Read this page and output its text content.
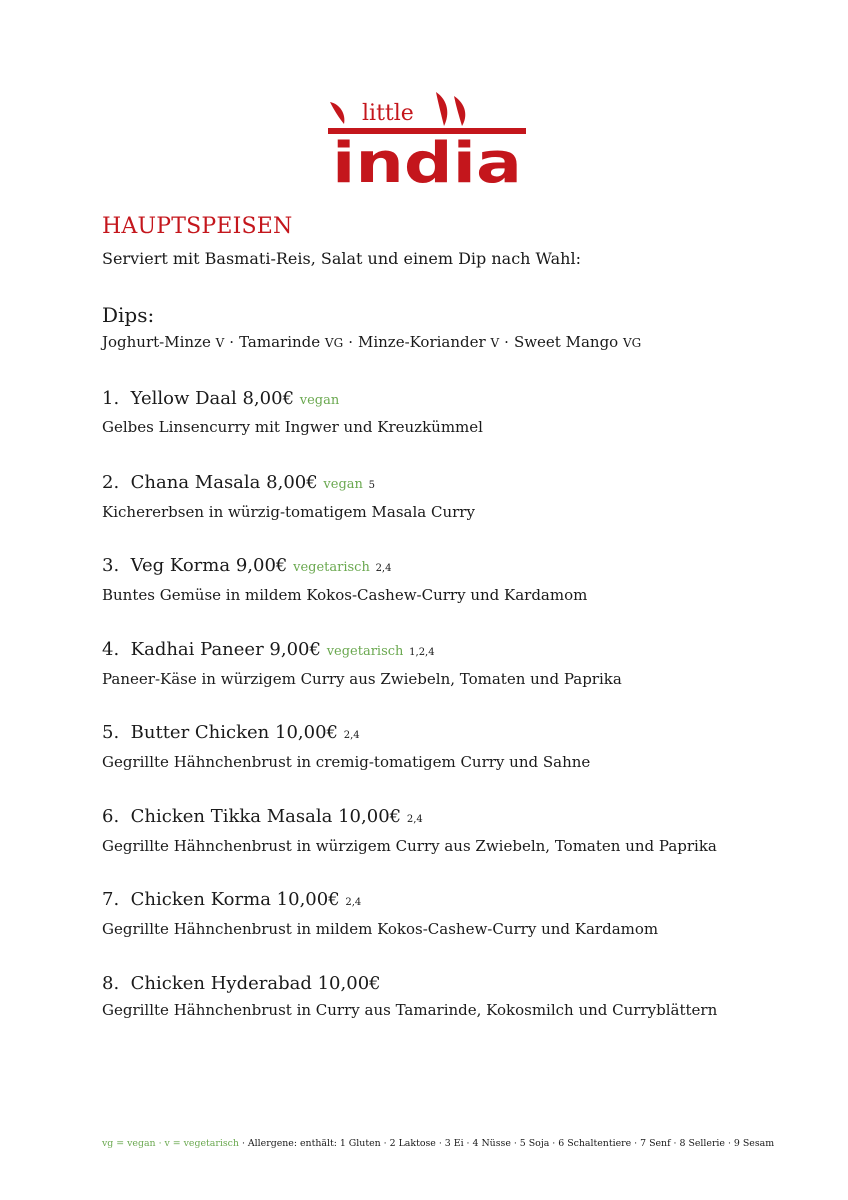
little
india
HAUPTSPEISEN
Serviert mit Basmati-Reis, Salat und einem Dip nach Wahl:
Dips:
Joghurt-Minze V · Tamarinde VG · Minze-Koriander V · Sweet Mango VG
1. Yellow Daal 8,00€ vegan
Gelbes Linsencurry mit Ingwer und Kreuzkümmel
2. Chana Masala 8,00€ vegan 5
Kichererbsen in würzig-tomatigem Masala Curry
3. Veg Korma 9,00€ vegetarisch 2,4
Buntes Gemüse in mildem Kokos-Cashew-Curry und Kardamom
4. Kadhai Paneer 9,00€ vegetarisch 1,2,4
Paneer-Käse in würzigem Curry aus Zwiebeln, Tomaten und Paprika
5. Butter Chicken 10,00€ 2,4
Gegrillte Hähnchenbrust in cremig-tomatigem Curry und Sahne
6. Chicken Tikka Masala 10,00€ 2,4
Gegrillte Hähnchenbrust in würzigem Curry aus Zwiebeln, Tomaten und Paprika
7. Chicken Korma 10,00€ 2,4
Gegrillte Hähnchenbrust in mildem Kokos-Cashew-Curry und Kardamom
8. Chicken Hyderabad 10,00€
Gegrillte Hähnchenbrust in Curry aus Tamarinde, Kokosmilch und Curryblättern
vg = vegan · v = vegetarisch · Allergene: enthält: 1 Gluten · 2 Laktose · 3 Ei · 4 Nüsse · 5 Soja · 6 Schaltentiere · 7 Senf · 8 Sellerie · 9 Sesam
